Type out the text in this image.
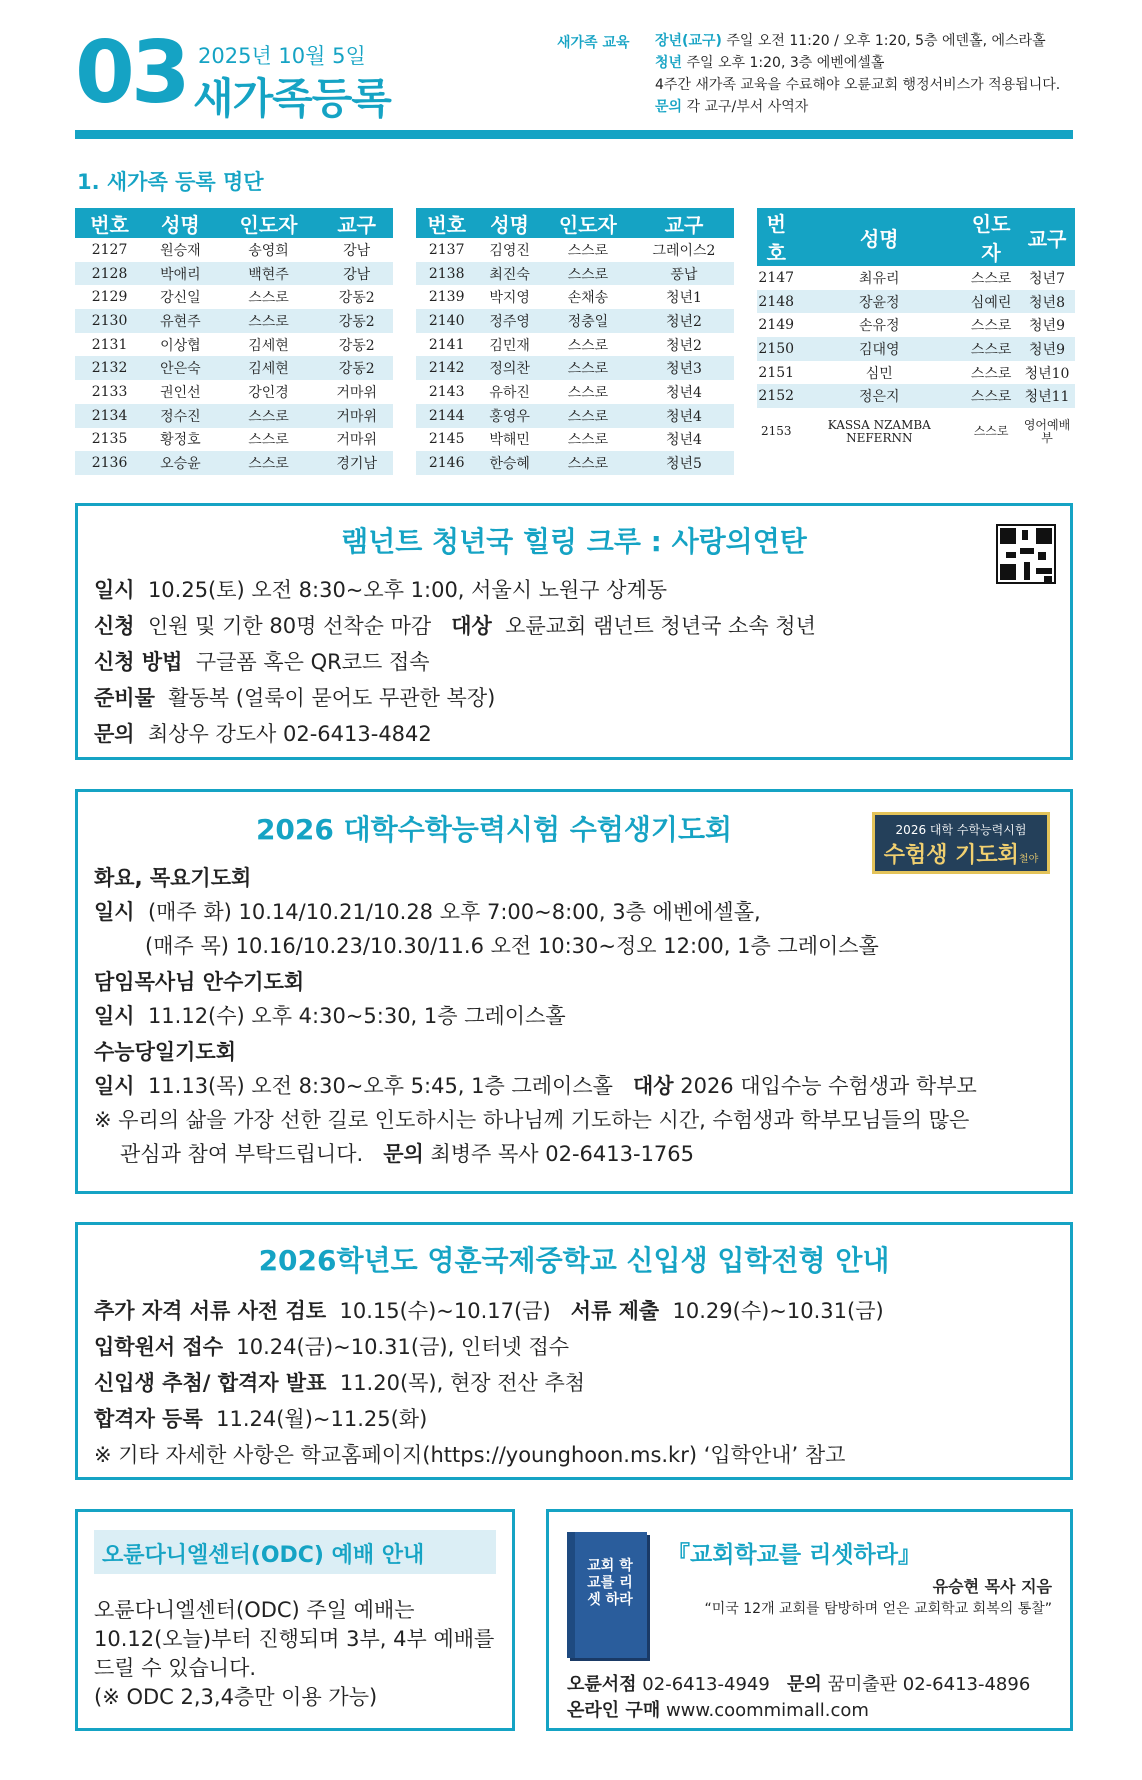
03 2025년 10월 5일
새가족등록
새가족 교육 장년(교구) 주일 오전 11:20 / 오후 1:20, 5층 에덴홀, 에스라홀
청년 주일 오후 1:20, 3층 에벤에셀홀
4주간 새가족 교육을 수료해야 오륜교회 행정서비스가 적용됩니다.
문의 각 교구/부서 사역자
1. 새가족 등록 명단
번호	성명	인도자	교구
2127	원승재	송영희	강남
2128	박애리	백현주	강남
2129	강신일	스스로	강동2
2130	유현주	스스로	강동2
2131	이상협	김세현	강동2
2132	안은숙	김세현	강동2
2133	권인선	강인경	거마위
2134	정수진	스스로	거마위
2135	황정호	스스로	거마위
2136	오승윤	스스로	경기남
번호	성명	인도자	교구
2137	김영진	스스로	그레이스2
2138	최진숙	스스로	풍납
2139	박지영	손채송	청년1
2140	정주영	정충일	청년2
2141	김민재	스스로	청년2
2142	정의찬	스스로	청년3
2143	유하진	스스로	청년4
2144	홍영우	스스로	청년4
2145	박해민	스스로	청년4
2146	한승혜	스스로	청년5
번호	성명	인도자	교구
2147	최유리	스스로	청년7
2148	장윤정	심예린	청년8
2149	손유정	스스로	청년9
2150	김대영	스스로	청년9
2151	심민	스스로	청년10
2152	정은지	스스로	청년11
2153	KASSA NZAMBA NEFERNN	스스로	영어예배부
램넌트 청년국 힐링 크루 : 사랑의연탄
일시 10.25(토) 오전 8:30~오후 1:00, 서울시 노원구 상계동
신청 인원 및 기한 80명 선착순 마감 대상 오륜교회 램넌트 청년국 소속 청년
신청 방법 구글폼 혹은 QR코드 접속
준비물 활동복 (얼룩이 묻어도 무관한 복장)
문의 최상우 강도사 02-6413-4842
2026 대학수학능력시험 수험생기도회	2026 대학 수학능력시험
수험생 기도회철야
화요, 목요기도회
일시 (매주 화) 10.14/10.21/10.28 오후 7:00~8:00, 3층 에벤에셀홀,
(매주 목) 10.16/10.23/10.30/11.6 오전 10:30~정오 12:00, 1층 그레이스홀
담임목사님 안수기도회
일시 11.12(수) 오후 4:30~5:30, 1층 그레이스홀
수능당일기도회
일시 11.13(목) 오전 8:30~오후 5:45, 1층 그레이스홀 대상 2026 대입수능 수험생과 학부모
※ 우리의 삶을 가장 선한 길로 인도하시는 하나님께 기도하는 시간, 수험생과 학부모님들의 많은
관심과 참여 부탁드립니다. 문의 최병주 목사 02-6413-1765
2026학년도 영훈국제중학교 신입생 입학전형 안내
추가 자격 서류 사전 검토 10.15(수)~10.17(금) 서류 제출 10.29(수)~10.31(금)
입학원서 접수 10.24(금)~10.31(금), 인터넷 접수
신입생 추첨/ 합격자 발표 11.20(목), 현장 전산 추첨
합격자 등록 11.24(월)~11.25(화)
※ 기타 자세한 사항은 학교홈페이지(https://younghoon.ms.kr) ‘입학안내’ 참고
오륜다니엘센터(ODC) 예배 안내
오륜다니엘센터(ODC) 주일 예배는
10.12(오늘)부터 진행되며 3부, 4부 예배를
드릴 수 있습니다.
(※ ODC 2,3,4층만 이용 가능)
교회 학교를 리셋 하라
『교회학교를 리셋하라』
유승현 목사 지음
“미국 12개 교회를 탐방하며 얻은 교회학교 회복의 통찰”
오륜서점 02-6413-4949 문의 꿈미출판 02-6413-4896
온라인 구매 www.coommimall.com
